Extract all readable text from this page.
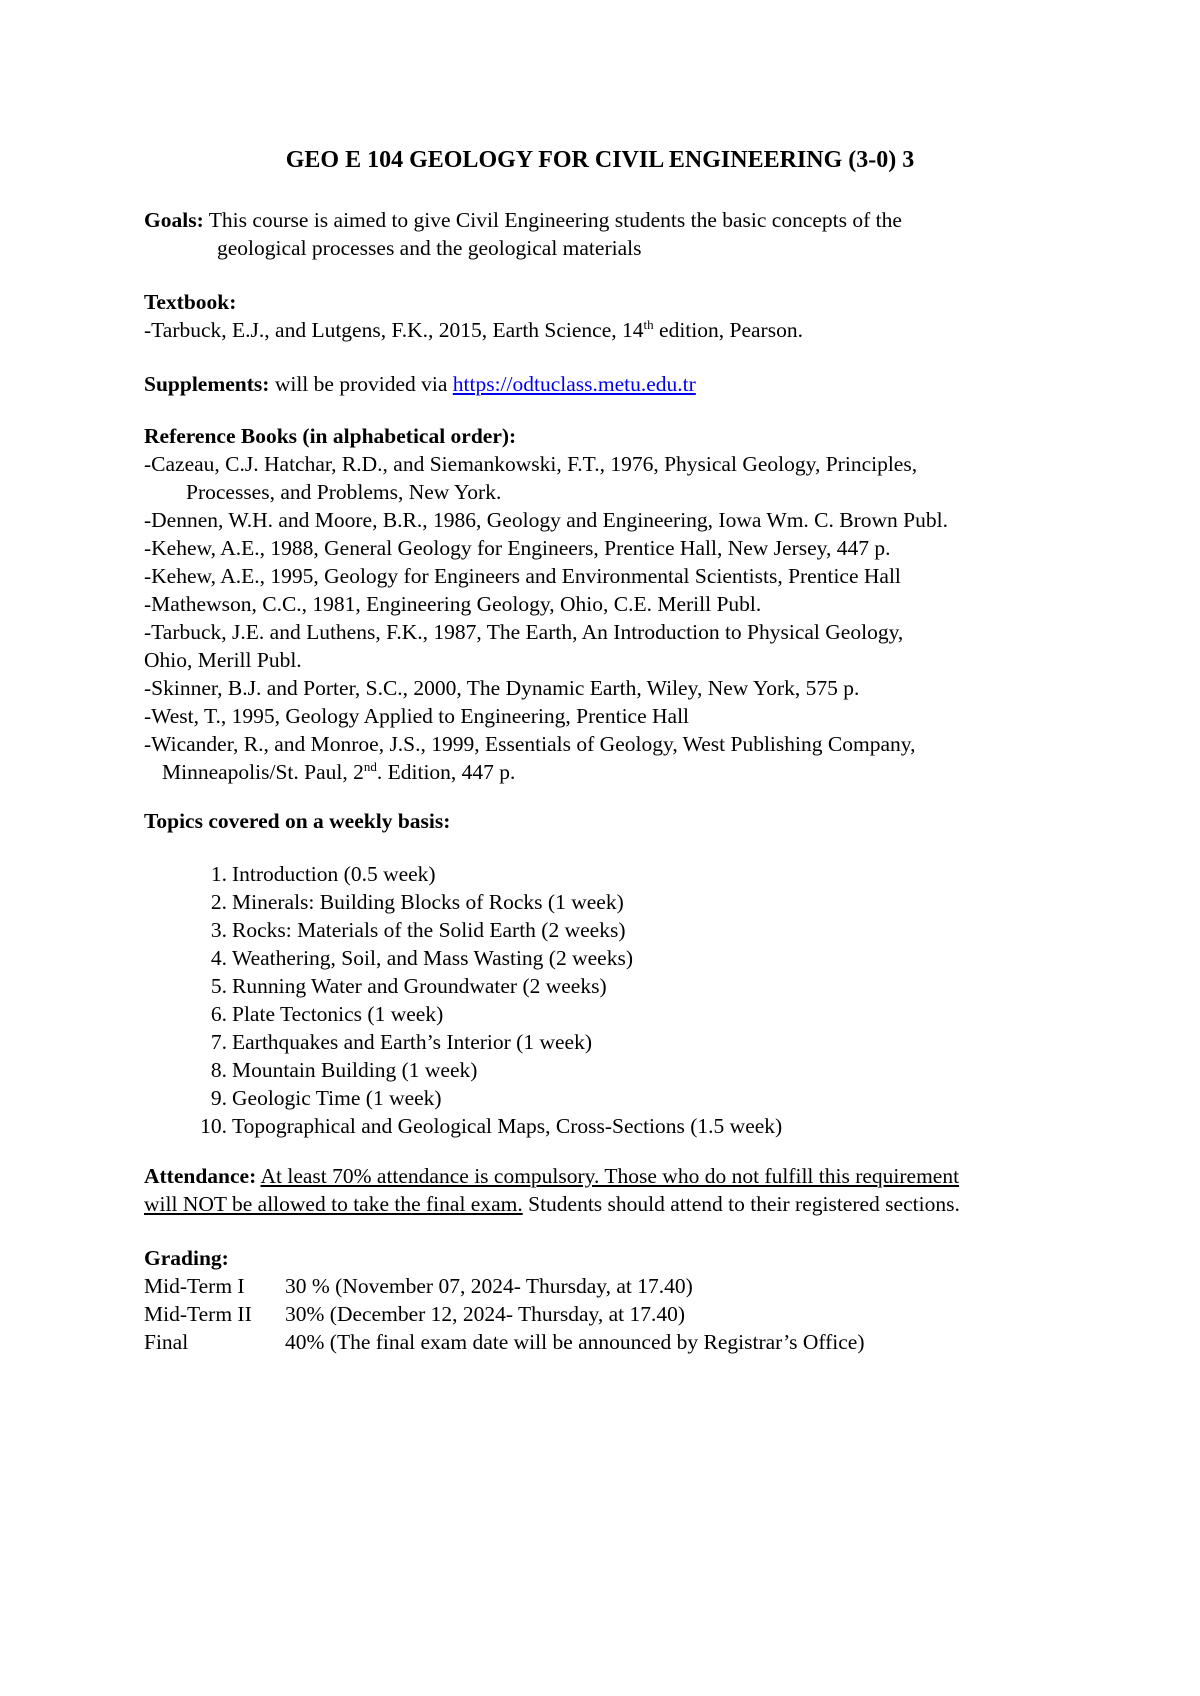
GEO E 104 GEOLOGY FOR CIVIL ENGINEERING (3-0) 3
Goals: This course is aimed to give Civil Engineering students the basic concepts of the
geological processes and the geological materials
Textbook:
-Tarbuck, E.J., and Lutgens, F.K., 2015, Earth Science, 14th edition, Pearson.
Supplements: will be provided via https://odtuclass.metu.edu.tr
Reference Books (in alphabetical order):
-Cazeau, C.J. Hatchar, R.D., and Siemankowski, F.T., 1976, Physical Geology, Principles,
Processes, and Problems, New York.
-Dennen, W.H. and Moore, B.R., 1986, Geology and Engineering, Iowa Wm. C. Brown Publ.
-Kehew, A.E., 1988, General Geology for Engineers, Prentice Hall, New Jersey, 447 p.
-Kehew, A.E., 1995, Geology for Engineers and Environmental Scientists, Prentice Hall
-Mathewson, C.C., 1981, Engineering Geology, Ohio, C.E. Merill Publ.
-Tarbuck, J.E. and Luthens, F.K., 1987, The Earth, An Introduction to Physical Geology,
Ohio, Merill Publ.
-Skinner, B.J. and Porter, S.C., 2000, The Dynamic Earth, Wiley, New York, 575 p.
-West, T., 1995, Geology Applied to Engineering, Prentice Hall
-Wicander, R., and Monroe, J.S., 1999, Essentials of Geology, West Publishing Company,
Minneapolis/St. Paul, 2nd. Edition, 447 p.
Topics covered on a weekly basis:
1. Introduction (0.5 week)
2. Minerals: Building Blocks of Rocks (1 week)
3. Rocks: Materials of the Solid Earth (2 weeks)
4. Weathering, Soil, and Mass Wasting (2 weeks)
5. Running Water and Groundwater (2 weeks)
6. Plate Tectonics (1 week)
7. Earthquakes and Earth’s Interior (1 week)
8. Mountain Building (1 week)
9. Geologic Time (1 week)
10. Topographical and Geological Maps, Cross-Sections (1.5 week)
Attendance: At least 70% attendance is compulsory. Those who do not fulfill this requirement
will NOT be allowed to take the final exam. Students should attend to their registered sections.
Grading:
Mid-Term I	30 % (November 07, 2024- Thursday, at 17.40)
Mid-Term II	30% (December 12, 2024- Thursday, at 17.40)
Final	40% (The final exam date will be announced by Registrar’s Office)
